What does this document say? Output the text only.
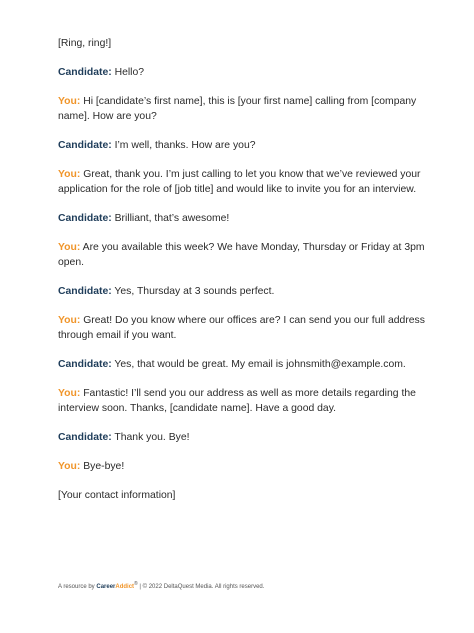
[Ring, ring!]

Candidate: Hello?

You: Hi [candidate’s first name], this is [your first name] calling from [company name]. How are you?

Candidate: I’m well, thanks. How are you?

You: Great, thank you. I’m just calling to let you know that we’ve reviewed your application for the role of [job title] and would like to invite you for an interview.

Candidate: Brilliant, that’s awesome!

You: Are you available this week? We have Monday, Thursday or Friday at 3pm open.

Candidate: Yes, Thursday at 3 sounds perfect.

You: Great! Do you know where our offices are? I can send you our full address through email if you want.

Candidate: Yes, that would be great. My email is johnsmith@example.com.

You: Fantastic! I’ll send you our address as well as more details regarding the interview soon. Thanks, [candidate name]. Have a good day.

Candidate: Thank you. Bye!

You: Bye-bye!

[Your contact information]

A resource by CareerAddict® | © 2022 DeltaQuest Media. All rights reserved.
